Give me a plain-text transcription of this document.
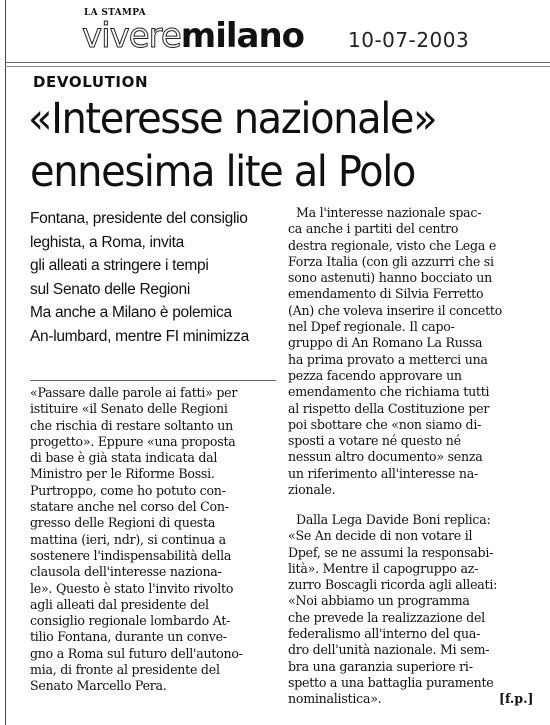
LA STAMPA
viveremilano 10-07-2003
DEVOLUTION
«Interesse nazionale»
ennesima lite al Polo
Fontana, presidente del consiglio
leghista, a Roma, invita
gli alleati a stringere i tempi
sul Senato delle Regioni
Ma anche a Milano è polemica
An-lumbard, mentre FI minimizza
«Passare dalle parole ai fatti» per
istituire «il Senato delle Regioni
che rischia di restare soltanto un
progetto». Eppure «una proposta
di base è già stata indicata dal
Ministro per le Riforme Bossi.
Purtroppo, come ho potuto con-
statare anche nel corso del Con-
gresso delle Regioni di questa
mattina (ieri, ndr), si continua a
sostenere l'indispensabilità della
clausola dell'interesse naziona-
le». Questo è stato l'invito rivolto
agli alleati dal presidente del
consiglio regionale lombardo At-
tilio Fontana, durante un conve-
gno a Roma sul futuro dell'autono-
mia, di fronte al presidente del
Senato Marcello Pera.
Ma l'interesse nazionale spac-
ca anche i partiti del centro
destra regionale, visto che Lega e
Forza Italia (con gli azzurri che si
sono astenuti) hanno bocciato un
emendamento di Silvia Ferretto
(An) che voleva inserire il concetto
nel Dpef regionale. Il capo-
gruppo di An Romano La Russa
ha prima provato a metterci una
pezza facendo approvare un
emendamento che richiama tutti
al rispetto della Costituzione per
poi sbottare che «non siamo di-
sposti a votare né questo né
nessun altro documento» senza
un riferimento all'interesse na-
zionale.
Dalla Lega Davide Boni replica:
«Se An decide di non votare il
Dpef, se ne assumi la responsabi-
lità». Mentre il capogruppo az-
zurro Boscagli ricorda agli alleati:
«Noi abbiamo un programma
che prevede la realizzazione del
federalismo all'interno del qua-
dro dell'unità nazionale. Mi sem-
bra una garanzia superiore ri-
spetto a una battaglia puramente
nominalistica».	[f.p.]
